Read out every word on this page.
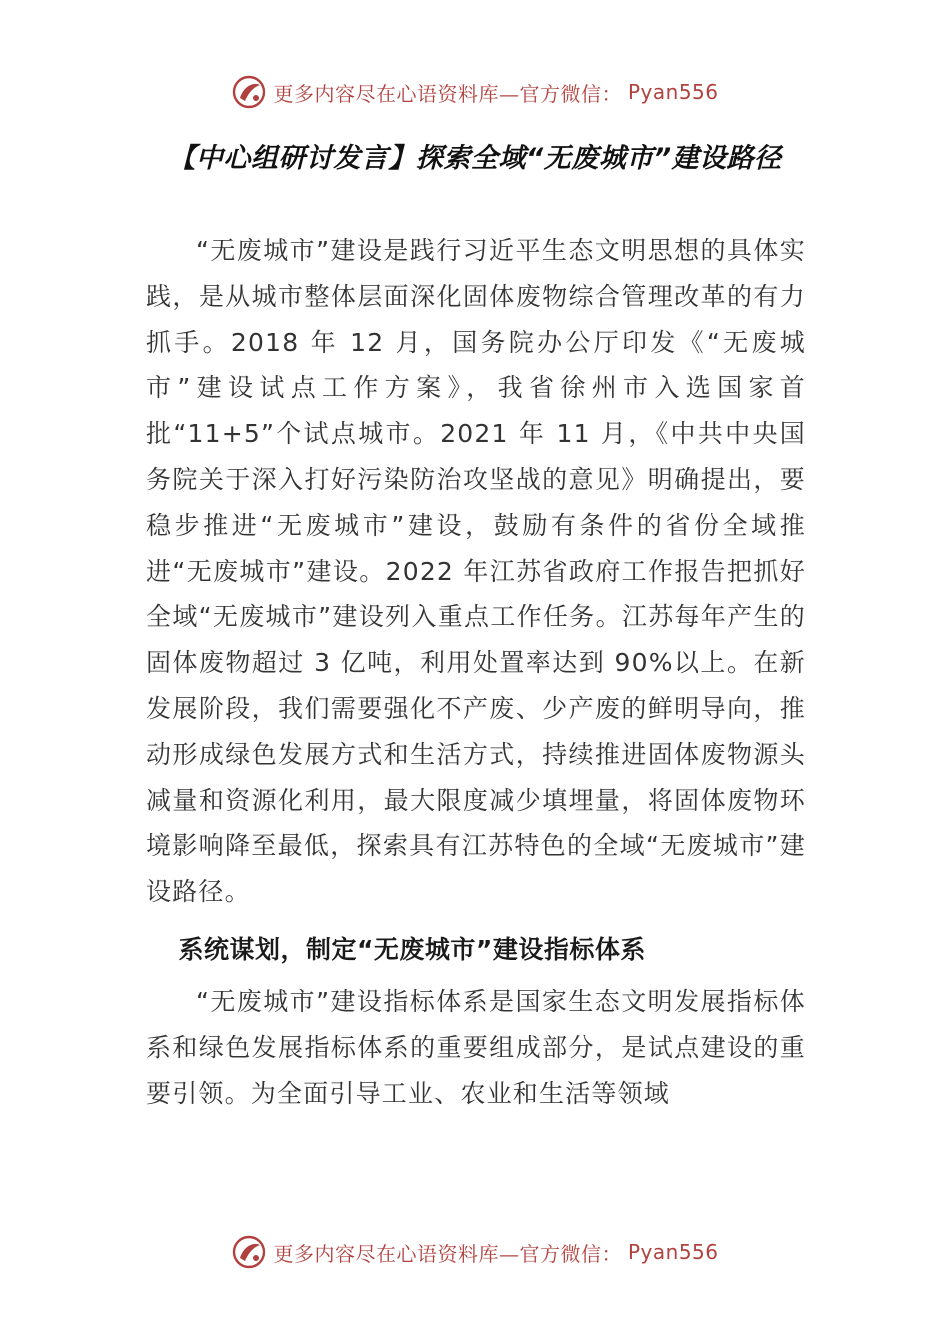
更多内容尽在心语资料库—官方微信： Pyan556
【中心组研讨发言】探索全域“无废城市”建设路径

“无废城市”建设是践行习近平生态文明思想的具体实践，是从城市整体层面深化固体废物综合管理改革的有力抓手。2018 年 12 月，国务院办公厅印发《“无废城市”建设试点工作方案》，我省徐州市入选国家首批“11+5”个试点城市。2021 年 11 月，《中共中央国务院关于深入打好污染防治攻坚战的意见》明确提出，要稳步推进“无废城市”建设，鼓励有条件的省份全域推进“无废城市”建设。2022 年江苏省政府工作报告把抓好全域“无废城市”建设列入重点工作任务。江苏每年产生的固体废物超过 3 亿吨，利用处置率达到 90%以上。在新发展阶段，我们需要强化不产废、少产废的鲜明导向，推动形成绿色发展方式和生活方式，持续推进固体废物源头减量和资源化利用，最大限度减少填埋量，将固体废物环境影响降至最低，探索具有江苏特色的全域“无废城市”建设路径。

系统谋划，制定“无废城市”建设指标体系

“无废城市”建设指标体系是国家生态文明发展指标体系和绿色发展指标体系的重要组成部分，是试点建设的重要引领。为全面引导工业、农业和生活等领域

更多内容尽在心语资料库—官方微信： Pyan556
